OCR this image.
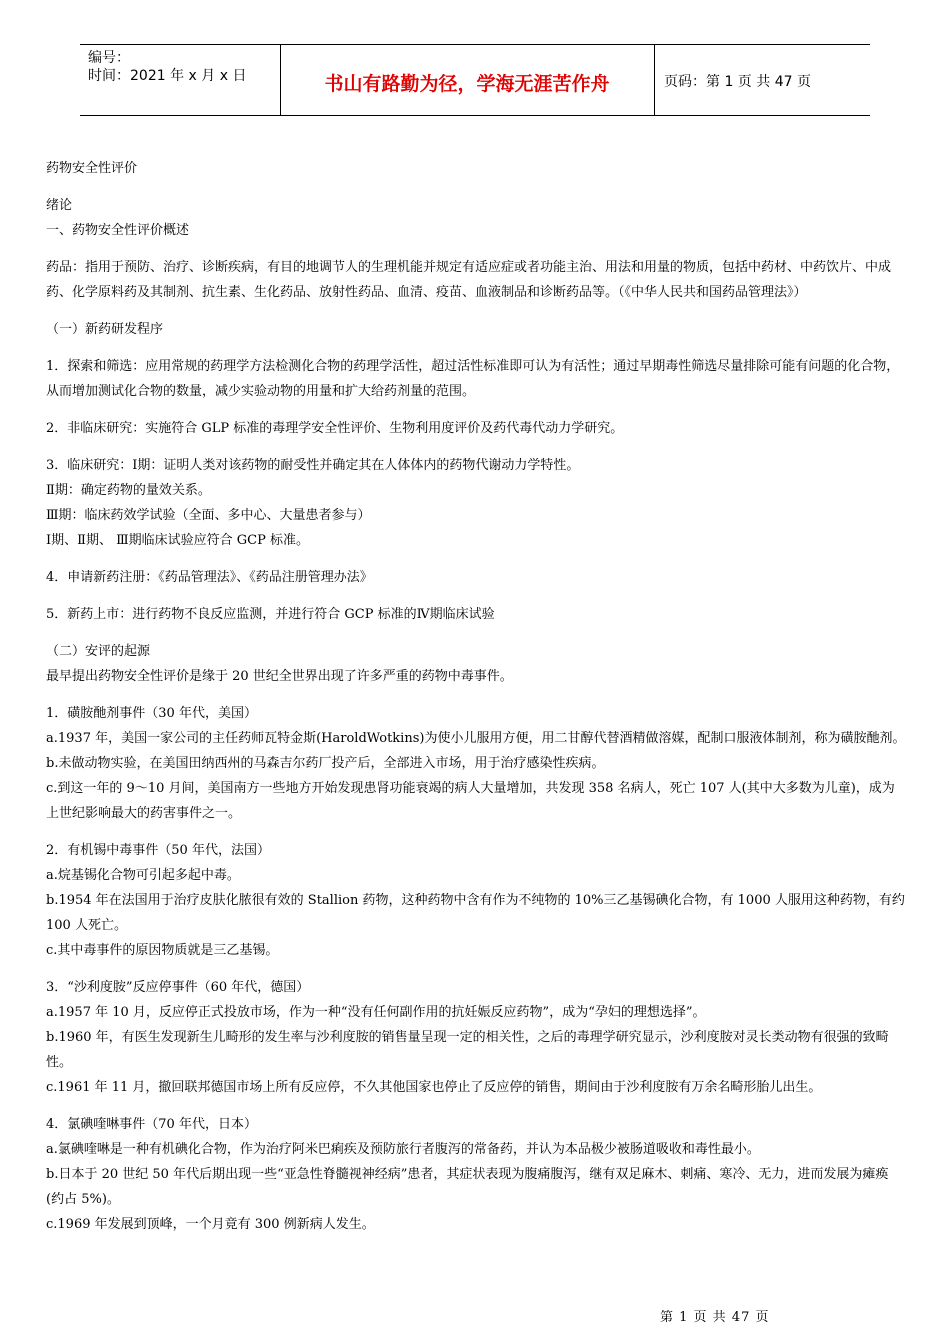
编号：
时间：2021 年 x 月 x 日	书山有路勤为径，学海无涯苦作舟	页码：第 1 页 共 47 页

药物安全性评价

绪论

一、药物安全性评价概述

药品：指用于预防、治疗、诊断疾病，有目的地调节人的生理机能并规定有适应症或者功能主治、用法和用量的物质，包括中药材、中药饮片、中成药、化学原料药及其制剂、抗生素、生化药品、放射性药品、血清、疫苗、血液制品和诊断药品等。（《中华人民共和国药品管理法》）

（一）新药研发程序

1．探索和筛选：应用常规的药理学方法检测化合物的药理学活性，超过活性标准即可认为有活性；通过早期毒性筛选尽量排除可能有问题的化合物，从而增加测试化合物的数量，减少实验动物的用量和扩大给药剂量的范围。

2．非临床研究：实施符合 GLP 标准的毒理学安全性评价、生物利用度评价及药代毒代动力学研究。

3．临床研究：Ⅰ期：证明人类对该药物的耐受性并确定其在人体体内的药物代谢动力学特性。

Ⅱ期：确定药物的量效关系。

Ⅲ期：临床药效学试验（全面、多中心、大量患者参与）

Ⅰ期、Ⅱ期、 Ⅲ期临床试验应符合 GCP 标准。

4．申请新药注册：《药品管理法》、《药品注册管理办法》

5．新药上市：进行药物不良反应监测，并进行符合 GCP 标准的Ⅳ期临床试验

（二）安评的起源

最早提出药物安全性评价是缘于 20 世纪全世界出现了许多严重的药物中毒事件。

1．磺胺酏剂事件（30 年代，美国）

a.1937 年，美国一家公司的主任药师瓦特金斯(HaroldWotkins)为使小儿服用方便，用二甘醇代替酒精做溶媒，配制口服液体制剂，称为磺胺酏剂。

b.未做动物实验，在美国田纳西州的马森吉尔药厂投产后，全部进入市场，用于治疗感染性疾病。

c.到这一年的 9～10 月间，美国南方一些地方开始发现患肾功能衰竭的病人大量增加，共发现 358 名病人，死亡 107 人(其中大多数为儿童)，成为上世纪影响最大的药害事件之一。

2．有机锡中毒事件（50 年代，法国）

a.烷基锡化合物可引起多起中毒。

b.1954 年在法国用于治疗皮肤化脓很有效的 Stallion 药物，这种药物中含有作为不纯物的 10%三乙基锡碘化合物，有 1000 人服用这种药物，有约 100 人死亡。

c.其中毒事件的原因物质就是三乙基锡。

3．“沙利度胺”反应停事件（60 年代，德国）

a.1957 年 10 月，反应停正式投放市场，作为一种“没有任何副作用的抗妊娠反应药物”，成为“孕妇的理想选择”。

b.1960 年，有医生发现新生儿畸形的发生率与沙利度胺的销售量呈现一定的相关性，之后的毒理学研究显示，沙利度胺对灵长类动物有很强的致畸性。

c.1961 年 11 月，撤回联邦德国市场上所有反应停，不久其他国家也停止了反应停的销售，期间由于沙利度胺有万余名畸形胎儿出生。

4．氯碘喹啉事件（70 年代，日本）

a.氯碘喹啉是一种有机碘化合物，作为治疗阿米巴痢疾及预防旅行者腹泻的常备药，并认为本品极少被肠道吸收和毒性最小。

b.日本于 20 世纪 50 年代后期出现一些“亚急性脊髓视神经病”患者，其症状表现为腹痛腹泻，继有双足麻木、刺痛、寒冷、无力，进而发展为瘫痪(约占 5%)。

c.1969 年发展到顶峰，一个月竟有 300 例新病人发生。

第 1 页 共 47 页
